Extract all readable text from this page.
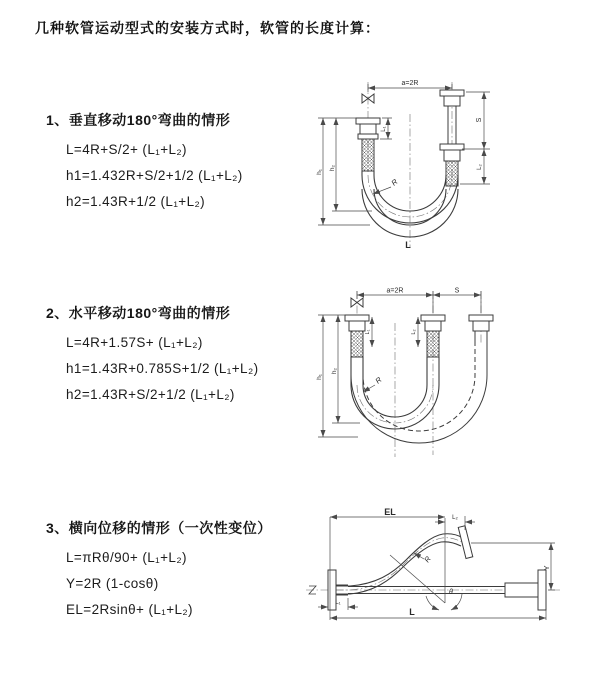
几种软管运动型式的安装方式时，软管的长度计算：
1、垂直移动180°弯曲的情形
L=4R+S/2+ (L₁+L₂)
h1=1.432R+S/2+1/2 (L₁+L₂)
h2=1.43R+1/2 (L₁+L₂)
2、水平移动180°弯曲的情形
L=4R+1.57S+ (L₁+L₂)
h1=1.43R+0.785S+1/2 (L₁+L₂)
h2=1.43R+S/2+1/2 (L₁+L₂)
3、横向位移的情形（一次性变位）
L=πRθ/90+ (L₁+L₂)
Y=2R (1-cosθ)
EL=2Rsinθ+ (L₁+L₂)
a=2R
S
L₂
L₁
h₁
h₂
R
L
a=2R	S
h₁
h₂
L₁	L₂
R
EL
L₂
Y
R
θ
L
L₁
